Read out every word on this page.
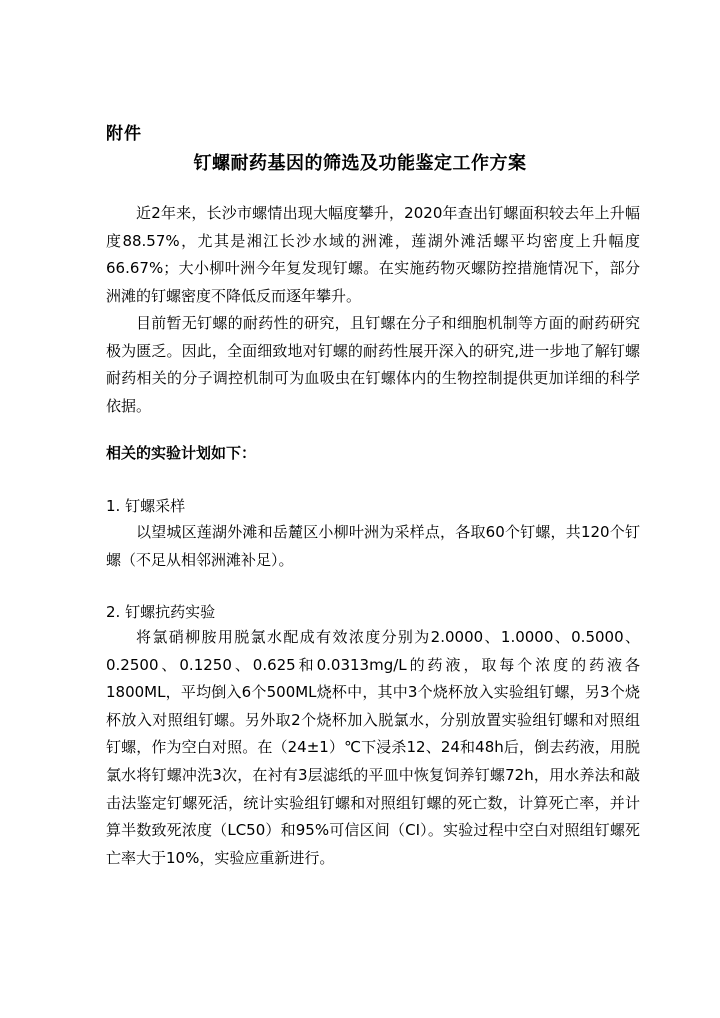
附件
钉螺耐药基因的筛选及功能鉴定工作方案

近2年来，长沙市螺情出现大幅度攀升，2020年查出钉螺面积较去年上升幅度88.57%，尤其是湘江长沙水域的洲滩，莲湖外滩活螺平均密度上升幅度66.67%；大小柳叶洲今年复发现钉螺。在实施药物灭螺防控措施情况下，部分洲滩的钉螺密度不降低反而逐年攀升。

目前暂无钉螺的耐药性的研究，且钉螺在分子和细胞机制等方面的耐药研究极为匮乏。因此，全面细致地对钉螺的耐药性展开深入的研究,进一步地了解钉螺耐药相关的分子调控机制可为血吸虫在钉螺体内的生物控制提供更加详细的科学依据。

相关的实验计划如下：
1. 钉螺采样

以望城区莲湖外滩和岳麓区小柳叶洲为采样点，各取60个钉螺，共120个钉螺（不足从相邻洲滩补足）。

2. 钉螺抗药实验

将氯硝柳胺用脱氯水配成有效浓度分别为2.0000、1.0000、0.5000、0.2500、0.1250、0.625和0.0313mg/L的药液，取每个浓度的药液各1800ML，平均倒入6个500ML烧杯中，其中3个烧杯放入实验组钉螺，另3个烧杯放入对照组钉螺。另外取2个烧杯加入脱氯水，分别放置实验组钉螺和对照组钉螺，作为空白对照。在（24±1）℃下浸杀12、24和48h后，倒去药液，用脱氯水将钉螺冲洗3次，在衬有3层滤纸的平皿中恢复饲养钉螺72h，用水养法和敲击法鉴定钉螺死活，统计实验组钉螺和对照组钉螺的死亡数，计算死亡率，并计算半数致死浓度（LC50）和95%可信区间（CI）。实验过程中空白对照组钉螺死亡率大于10%，实验应重新进行。
